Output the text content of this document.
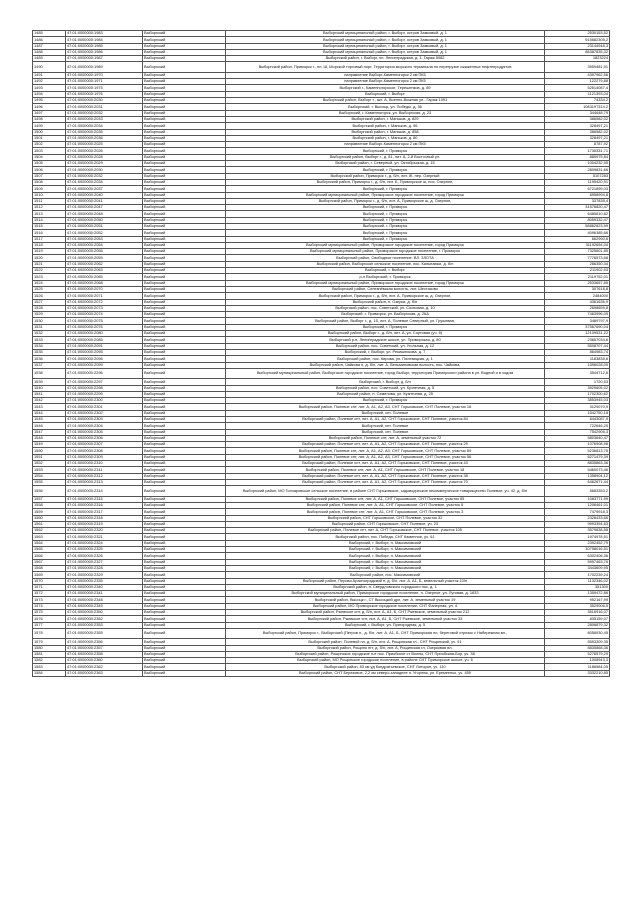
1485	47:01:0000000:1983	Выборгский	Выборгский муниципальный район, г. Выборг, остров Замковый, д. 1	2530153,52
1486	47:01:0000000:1984	Выборгский	Выборгский муниципальный район, г. Выборг, остров Замковый, д. 1	915682305,2
1487	47:01:0000000:1985	Выборгский	Выборгский муниципальный район, г. Выборг, остров Замковый, д. 1	23144948,3
1488	47:01:0000000:1986	Выборгский	Выборгский муниципальный район, г. Выборг, остров Замковый, д. 1	88387835,32
1489	47:01:0000000:1987	Выборгский	Выборгский район, г. Выборг, пл. Ленинградская, д. 1, Гараж 5082	1823224
1490	47:01:0000000:1989	Выборгский	Выборгский район, Приморск г., пл. Ш, Морской торговый порт, Территория морского терминала по перегрузке сжиженных нефтепродуктов	3959481,51
1491	47:01:0000000:1970	Выборгский	направление Выборг-Каменногорск 2 км ПК5	4397962,56
1492	47:01:0000000:1971	Выборгский	направление Выборг-Каменногорск 2 км ПК5	122279,88
1493	47:01:0000000:1975	Выборгский	Выборгский г., Каменногорское, Терешенков, д. 89	52514087,4
1494	47:01:0000000:1976	Выборгский	Выборгский, г. Выборг	1121393,04
1495	47:01:0000000:2030	Выборгский	Выборгский район, Выборг г., акт. А, Военно-Выжная ул., Гараж 1091	74334,2
1496	47:01:0000000:2031	Выборгский	Выборгский, г. Высоцк, ул. Победы, д. 36	1083197314,2
1497	47:01:0000000:2032	Выборгский	Выборгский, г. Каменногорск, ул. Выборгская, д. 23	344648,79
1498	47:01:0000000:2033	Выборгский	Выборгский район, г. Маньков, д. 829	386582,02
1499	47:01:0000000:2034	Выборгский	Выборгский район, г. Маньков, д. 96	328497,21
1500	47:01:0000000:2035	Выборгский	Выборгский район, г. Маньков, д. 858	386582,02
1501	47:01:0000000:2036	Выборгский	Выборгский район, г. Маньков, д. 80	328497,21
1502	47:01:0000000:2025	Выборгский	направление Выборг-Каменногорск 2 км ПК5	8787,92
1503	47:01:0000000:2026	Выборгский	Выборгский, г. Приморск	1735331,71
1504	47:01:0000000:2028	Выборгский	Выборгский район, Выборг г., д. 81, лит. А, 2-й Восточный ул.	889975,84
1505	47:01:0000000:2029	Выборгский	Выборгский район, г. Северный, ул. Октябрьская, д. 15	1004232,95
1506	47:01:0000000:2030	Выборгский	Выборгский, г. Приморск	2809831,66
1507	47:01:0000000:2032	Выборгский	Выборгский район, Приморск г., д. б/н, лит. Ж, пер. Озерный	5107283
1508	47:01:0000000:2034	Выборгский	Выборгский район, Приморск г., д. б/н, лит. Б, Приморское ш, пос. Озерное,	1195420,91
1509	47:01:0000000:2037	Выборгский	Выборгский, г. Приморск	6721899,03
1510	47:01:0000000:2040	Выборгский	Выборгский муниципальный район, Приморское городское поселение, город Приморск	6958994,8
1511	47:01:0000000:2041	Выборгский	Выборгский район, Приморск г., д. б/н, лит. А, Приморское ш, д. Озерное,	337835,4
1512	47:01:0000000:2047	Выборгский	Выборгский, г. Приморск	31576820,47
1513	47:01:0000000:2048	Выборгский	Выборгский, г. Приморск	6485610,82
1514	47:01:0000000:2050	Выборгский	Выборгский, г. Приморск	8059332,47
1515	47:01:0000000:2051	Выборгский	Выборгский, г. Приморск	58862623,99
1516	47:01:0000000:2052	Выборгский	Выборгский, г. Приморск	4096385,66
1517	47:01:0000000:2053	Выборгский	Выборгский, г. Приморск	662990,6
1518	47:01:0000000:2054	Выборгский	Выборгский муниципальный район, Приморское городское поселение, город Приморск	31192694,04
1519	47:01:0000000:2055	Выборгский	Выборгский муниципальный район, Приморское городское поселение, г. Приморск	7325601,85
1520	47:01:0000000:2059	Выборгский	Выборгский район, Свободное поселение, ВЛ. ЗЛОТА	7776573,68
1521	47:01:0000000:2062	Выборгский	Выборгский район, Выборгское сельское поселение, пос. Кальнаюки, д. б/н	286350,34
1522	47:01:0000000:2063	Выборгский	Выборгский, г. Выборг	211902,93
1523	47:01:0000000:2065	Выборгский	р-н Выборгский, г. Приморск	2119752,01
1524	47:01:0000000:2068	Выборгский	Выборгский муниципальный район, Приморское городское поселение, город Приморск	2533657,85
1525	47:01:0000000:2070	Выборгский	Выборгский район, Селезнёвская волость, лит. Шестаково	307618,8
1526	47:01:0000000:2071	Выборгский	Выборгский район, Приморск г., д. б/н, лит. А, Приморское ш, д. Озерное,	2484000
1527	47:01:0000000:2072	Выборгский	Выборгский район, п. Озерки, д. б/н	4361636,9
1528	47:01:0000000:2073	Выборгский	Выборгский район, пос. Советский, ул. Сосновая, д. 10	2698659,8
1529	47:01:0000000:2074	Выборгский	Выборгский, г. Приморск, ул. Выборгская, д. 26А	7463996,05
1530	47:01:0000000:2075	Выборгский	Выборгский район, Выборг г., д. 15, лит. А, Полевое Северный, ул. Грушевая,	3489797,9
1531	47:01:0000000:2076	Выборгский	Выборгский, г. Приморск	37567690,04
1532	47:01:0000000:2080	Выборгский	Выборгский район, Выборг г., д. б/н, лит. А, ул. Сортовая (уч. 8)	12109531,22
1533	47:01:0000000:2085	Выборгский	Выборгский р-н, Ленинградское шоссе, ул. Приморская, д. 80	23657034,6
1534	47:01:0000000:2091	Выборгский	Выборгский район, пос. Советский, ул. Угольная, д. 12	5508707,44
1535	47:01:0000000:2095	Выборгский	Выборгский, г. Выборг, ул. Рекишникова, д. 7	864983,74
1536	47:01:0000000:2096	Выборгский	Выборгский район, пос. Кирова, ул. Полевицкая, д. 1	1183835,6
1537	47:01:0000000:2099	Выборгский	Выборгский район, Чайкова п, д. б/н, лит. А, Вельминовская волость, пос. Чайкова,	1596028,09
1538	47:01:0000000:2296	Выборгский	Выборгский муниципальный район, Выборгское городское поселение, город Выборг, территория Приморского района в ул. Водной и в ходом	3544712,6
1539	47:01:0000000:2297	Выборгский	Выборгский, г. Выборг, д. б/н	1720,53
1540	47:01:0000000:2298	Выборгский	Выборгский район, пос. Советский, ул. Кузнечная, д. 5	3929605,02
1541	47:01:0000000:2299	Выборгский	Выборгский район, п. Семенова, ул. Кузнечная, д. 25	1702300,62
1542	47:01:0000000:2300	Выборгский	Выборгский, г. Приморск	3853945,03
1543	47:01:0000000:2301	Выборгский	Выборгский район, Полевое снт, лит. А, А1, А2, А3, СНТ Горьковское, СНТ Полевое, участок 16	3129070,9
1544	47:01:0000000:2302	Выборгский	Выборгский, снт. Полевое	1542750,18
1545	47:01:0000000:2303	Выборгский	Выборгский район, Полевое снт, лит. А, А1, А2, СНТ Горьковское, СНТ Полевое, участок 84	6443087,9
1546	47:01:0000000:2304	Выборгский	Выборгский, снт. Полевое	722646,25
1547	47:01:0000000:2305	Выборгский	Выборгский, снт. Полевое	7542905,3
1548	47:01:0000000:2306	Выборгский	Выборгский район, Полевое снт, лит. А, земельный участок 72	5803640,47
1549	47:01:0000000:2307	Выборгский	Выборгский район, Полевое снт, лит. А, А1, А2, СНТ Горьковское, СНТ Полевое, участок 29	1076908,98
1550	47:01:0000000:2308	Выборгский	Выборгский район, Полевое снт, лит. А, А1, А2, А3, СНТ Горьковское, СНТ Полевое, участок 89	5236813,75
1551	47:01:0000000:2309	Выборгский	Выборгский район, Полевое снт, лит. А, А1, А2, А3, СНТ Горьковское, СНТ Полевое, участок 56	6271479,39
1552	47:01:0000000:2310	Выборгский	Выборгский район, Полевое снт, лит. А, А1, А2, СНТ Горьковское, СНТ Полевое, участок 43	8835863,36
1553	47:01:0000000:2311	Выборгский	Выборгский район, Полевое снт, лит. А, А1, СНТ Горьковское, СНТ Полевое, участок 18	5460073,46
1554	47:01:0000000:2312	Выборгский	Выборгский район, Полевое снт, лит. А, А1, А2, СНТ Горьковское, СНТ Полевое, участок 38	1358904,12
1555	47:01:0000000:2313	Выборгский	Выборгский район, Полевое снт, лит. А, А1, А2, СНТ Горьковское, СНТ Полевое, участок 70	6462671,44
1556	47:01:0000000:2314	Выборгский	Выборгский район, МО Гончаровское сельское поселение, в районе СНТ Горьковское, садоводческое некоммерческое товарищество Полевое, уч. 42, д. б/н	5683353,2
1557	47:01:0000000:2315	Выборгский	Выборгский район, Полевое снт, лит. А, А1, СНТ Горьковское, СНТ Полевое, участок 65	1083771,99
1558	47:01:0000000:2316	Выборгский	Выборгский район, Полевое снт, лит. А, А1, СНТ Горьковское, СНТ Полевое, участок 8	1206461,01
1559	47:01:0000000:2317	Выборгский	Выборгский район, Полевое снт, лит. А, А1, СНТ Горьковское, СНТ Полевое, участок 3	7479918,3
1560	47:01:0000000:2318	Выборгский	Выборгский район, СНТ Горьковское, СНТ Полевое, участок 32	2328433,66
1561	47:01:0000000:2319	Выборгский	Выборгский район, СНТ Горьковское, СНТ Полевое, уч. 23	9993394,63
1562	47:01:0000000:2320	Выборгский	Выборгский район, Полевое снт, лит. А, СНТ Горьковское, СНТ Полевое, участок 105	3579838,58
1563	47:01:0000000:2321	Выборгский	Выборгский район, пос. Победа, СНТ Каменное, уч. 61	1974978,51
1564	47:01:0000000:2324	Выборгский	Выборгский, г. Выборг, п. Максимовский	2392452,79
1565	47:01:0000000:2325	Выборгский	Выборгский, г. Выборг, п. Максимовский	10758016,51
1566	47:01:0000000:2326	Выборгский	Выборгский, г. Выборг, п. Максимовский	6302406,36
1567	47:01:0000000:2327	Выборгский	Выборгский, г. Выборг, п. Максимовский	5997463,76
1568	47:01:0000000:2328	Выборгский	Выборгский, г. Выборг, п. Максимовский	3443609,95
1569	47:01:0000000:2329	Выборгский	Выборгский район, пос. Максимовский	1702239,24
1570	47:01:0000000:2335	Выборгский	Выборгский район, Перово-Красноградский п, д. б/н, лит. А, А1, Б, земельный участок 10/н	1132346,02
1571	47:01:0000000:2340	Выборгский	Выборгский район, п. Свердловского городского пос, д. 1	351300
1572	47:01:0000000:2341	Выборгский	Выборгский муниципальный район, Приморское городское поселение, п. Озерное, ул. Луговая, д. 1633	1359472,86
1573	47:01:0000000:2348	Выборгский	Выборгский район, Высоцк г., СТ Высоцкий дрл, лит. А, земельный участок 19	952167,99
1574	47:01:0000000:2349	Выборгский	Выборгский район, МО Приморское городское поселение, СНТ Фанерная, ул. 4	3529006,5
1575	47:01:0000000:2350	Выборгский	Выборгский район, Ржевское снт, д. б/н, лит. А, А1, Б, СНТ Ржевское, земельный участок 212	3516916,07
1576	47:01:0000000:2352	Выборгский	Выборгский район, Ржевское снт, лит. А, А1, Б, СНТ Ржевское, земельный участок 33	835159,07
1577	47:01:0000000:2353	Выборгский	Выборгский, г. Выборг, ул. Пригородная, д. 5	2806879,32
1578	47:01:0000000:2355	Выборгский	Выборгский район, Приморск г., Выборгский (Петров п., д. б/н, лит. А, А1, Б, СНТ Приморская пл, береговой отрезок с Набережная вл.,	8058930,45
1579	47:01:0000000:2356	Выборгский	Выборгский район, Полевой пл, д. б/н, лит. А, Рощинская гл., СНТ Рощинский, уч. 91	5593309,35
1580	47:01:0000000:2357	Выборгский	Выборгский район, Рощино пгт, д. б/н, лит. А, Рощинская гл, Озерковая вл.	8835868,36
1581	47:01:0000000:2358	Выборгский	Выборгский район, Рощинское городское п-е пос. Приобское ст Волны, СНТ Приобская-Бор, уч. 38	5278579,29
1582	47:01:0000000:2360	Выборгский	Выборгский район, МО Рощинское городское поселение, в районе СНТ Приморское шоссе, уч. 6	1008943,3
1583	47:01:0000000:2362	Выборгский	Выборгский район, 83 км уд Кондратьевское, СНТ Литорон, уч. 110	1186584,05
1584	47:01:0000000:2363	Выборгский	Выборгский район, СНТ Березовое, 2,2 км северо-западнее п. Угорнюк, ул. Еремеенко, уч. 459	3332210,85
